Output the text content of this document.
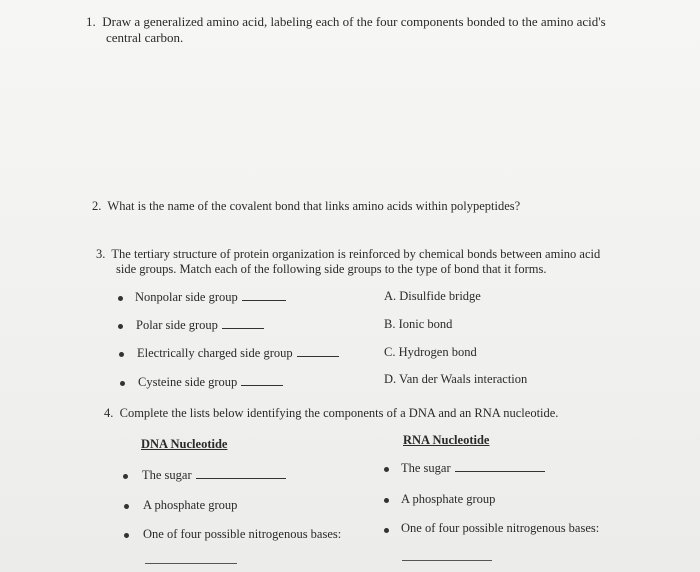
1. Draw a generalized amino acid, labeling each of the four components bonded to the amino acid's
central carbon.
2. What is the name of the covalent bond that links amino acids within polypeptides?
3. The tertiary structure of protein organization is reinforced by chemical bonds between amino acid
side groups. Match each of the following side groups to the type of bond that it forms.
Nonpolar side group
Polar side group
Electrically charged side group
Cysteine side group
A. Disulfide bridge
B. Ionic bond
C. Hydrogen bond
D. Van der Waals interaction
4. Complete the lists below identifying the components of a DNA and an RNA nucleotide.
DNA Nucleotide	RNA Nucleotide
The sugar
A phosphate group
One of four possible nitrogenous bases:
The sugar
A phosphate group
One of four possible nitrogenous bases:
